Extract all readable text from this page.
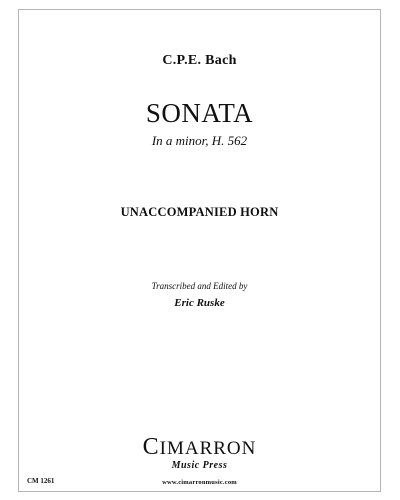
C.P.E. Bach
SONATA
In a minor, H. 562
UNACCOMPANIED HORN
Transcribed and Edited by
Eric Ruske
CIMARRON
Music Press
www.cimarronmusic.com
CM 1261
